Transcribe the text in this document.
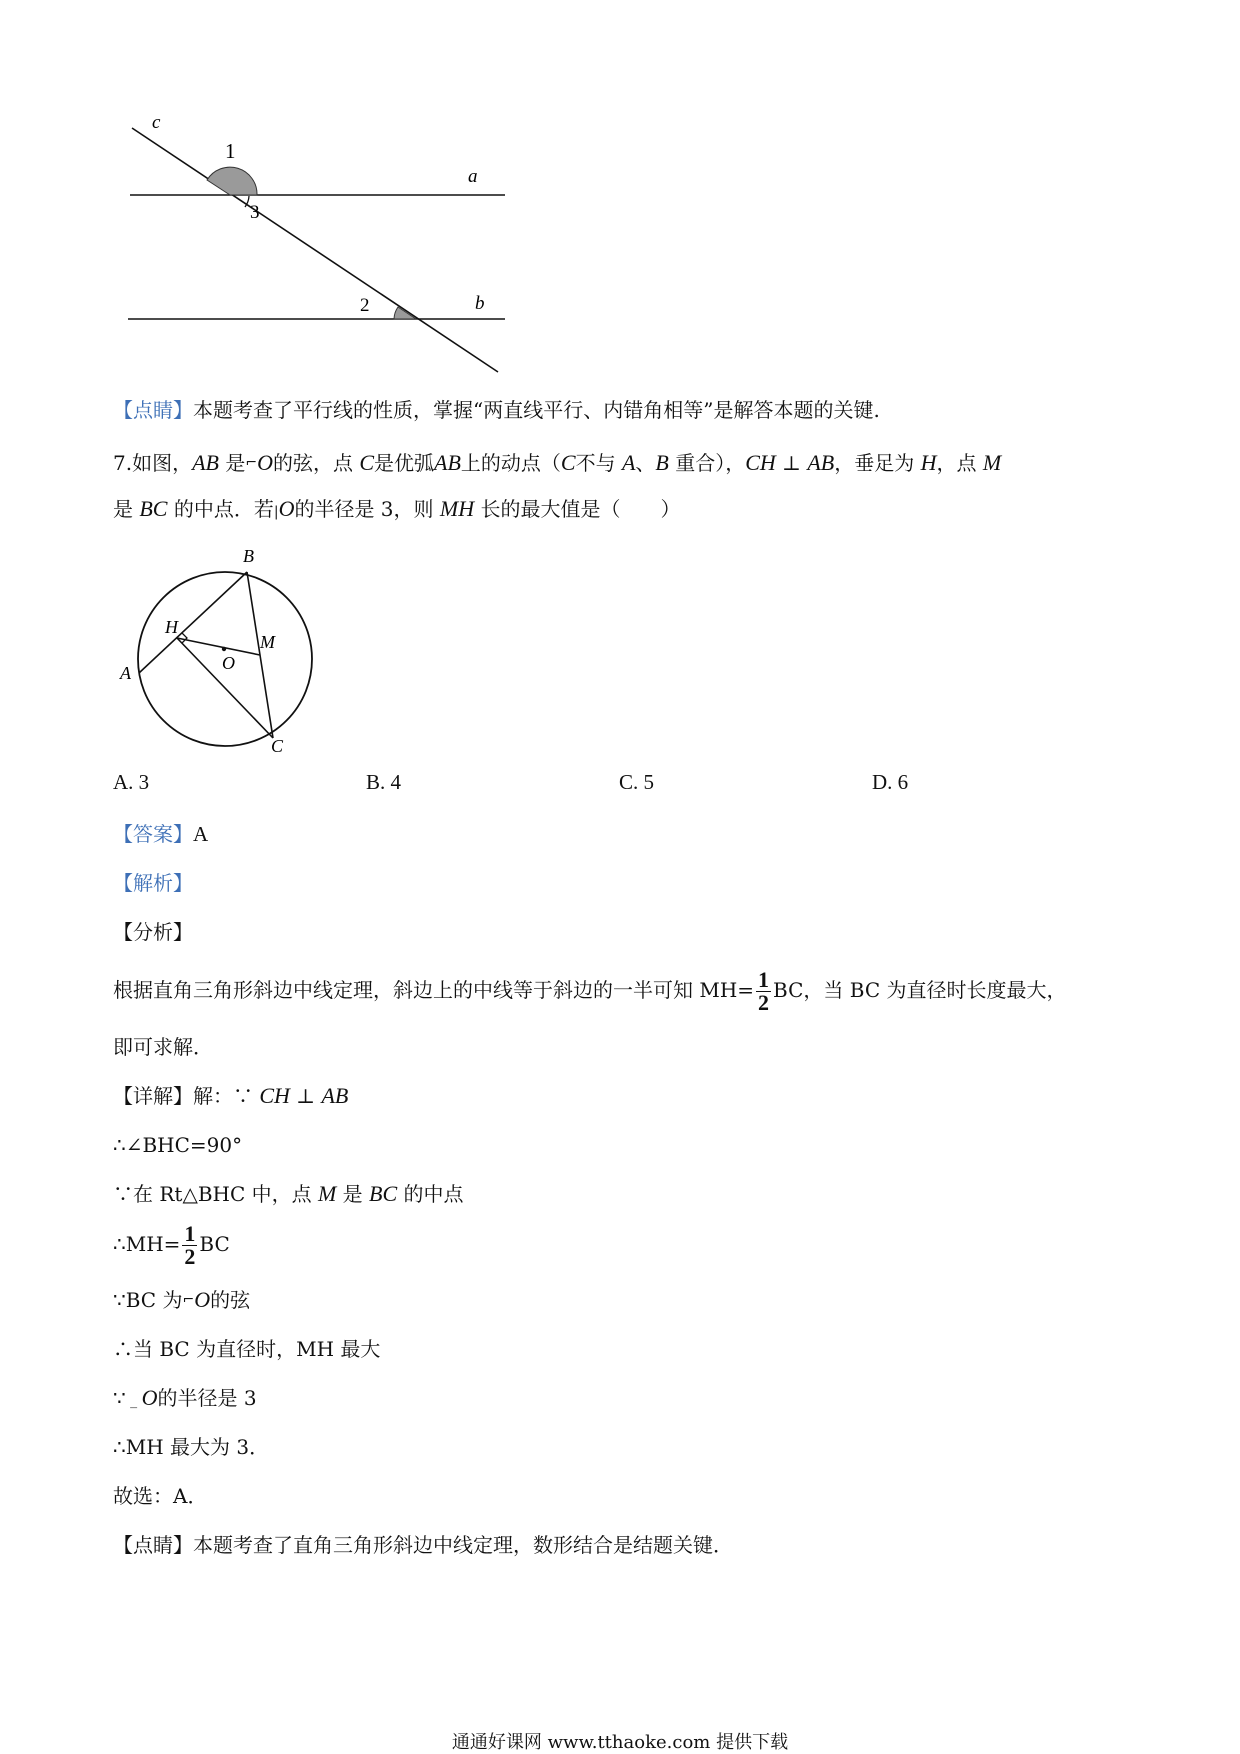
c
1
a
3
2	b
【点睛】本题考查了平行线的性质，掌握“两直线平行、内错角相等”是解答本题的关键.
7.如图，AB 是⌐O的弦，点 C是优弧AB上的动点（C不与 A、B 重合），CH ⊥ AB，垂足为 H，点 M
是 BC 的中点．若|O的半径是 3，则 MH 长的最大值是（　　）
B
H
M
O
A
C
A. 3	B. 4	C. 5	D. 6
【答案】A
【解析】
【分析】
根据直角三角形斜边中线定理，斜边上的中线等于斜边的一半可知 $MH= \frac{1}{2}$ BC，当 BC 为直径时长度最大，
即可求解．
【详解】解：∵ CH ⊥ AB
∴∠BHC=90°
∵在 Rt△BHC 中，点 M 是 BC 的中点
∴MH= $\frac{1}{2}$ BC
∵BC 为⌐O的弦
∴当 BC 为直径时，MH 最大
∵ _ O的半径是 3
∴MH 最大为 3．
故选：A．
【点睛】本题考查了直角三角形斜边中线定理，数形结合是结题关键．
通通好课网 www.tthaoke.com 提供下载
